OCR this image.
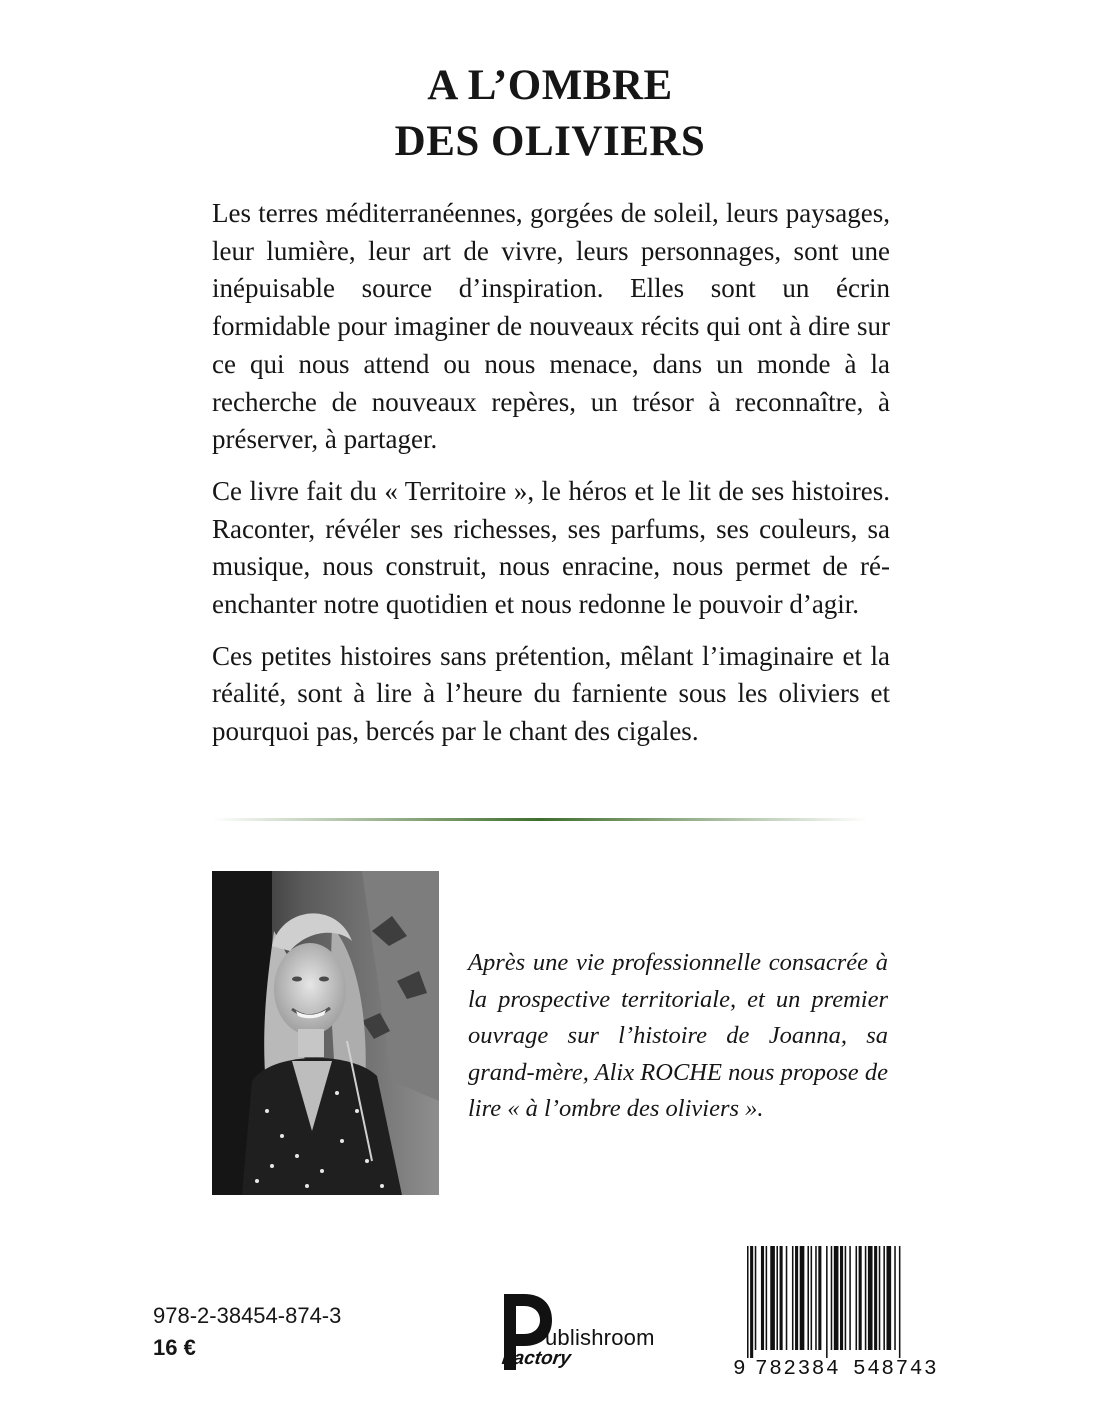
A L’OMBRE
DES OLIVIERS

Les terres méditerranéennes, gorgées de soleil, leurs paysages, leur lumière, leur art de vivre, leurs personnages, sont une inépuisable source d’inspiration. Elles sont un écrin formidable pour imaginer de nouveaux récits qui ont à dire sur ce qui nous attend ou nous menace, dans un monde à la recherche de nouveaux repères, un trésor à reconnaître, à préserver, à partager.

Ce livre fait du « Territoire », le héros et le lit de ses histoires. Raconter, révéler ses richesses, ses parfums, ses couleurs, sa musique, nous construit, nous enracine, nous permet de ré-enchanter notre quotidien et nous redonne le pouvoir d’agir.

Ces petites histoires sans prétention, mêlant l’imaginaire et la réalité, sont à lire à l’heure du farniente sous les oliviers et pourquoi pas, bercés par le chant des cigales.

Après une vie professionnelle consacrée à la prospective territoriale, et un premier ouvrage sur l’histoire de Joanna, sa grand-mère, Alix ROCHE nous propose de lire « à l’ombre des oliviers ».

978-2-38454-874-3
16 €	ublishroom
Factory	9 782384 548743
